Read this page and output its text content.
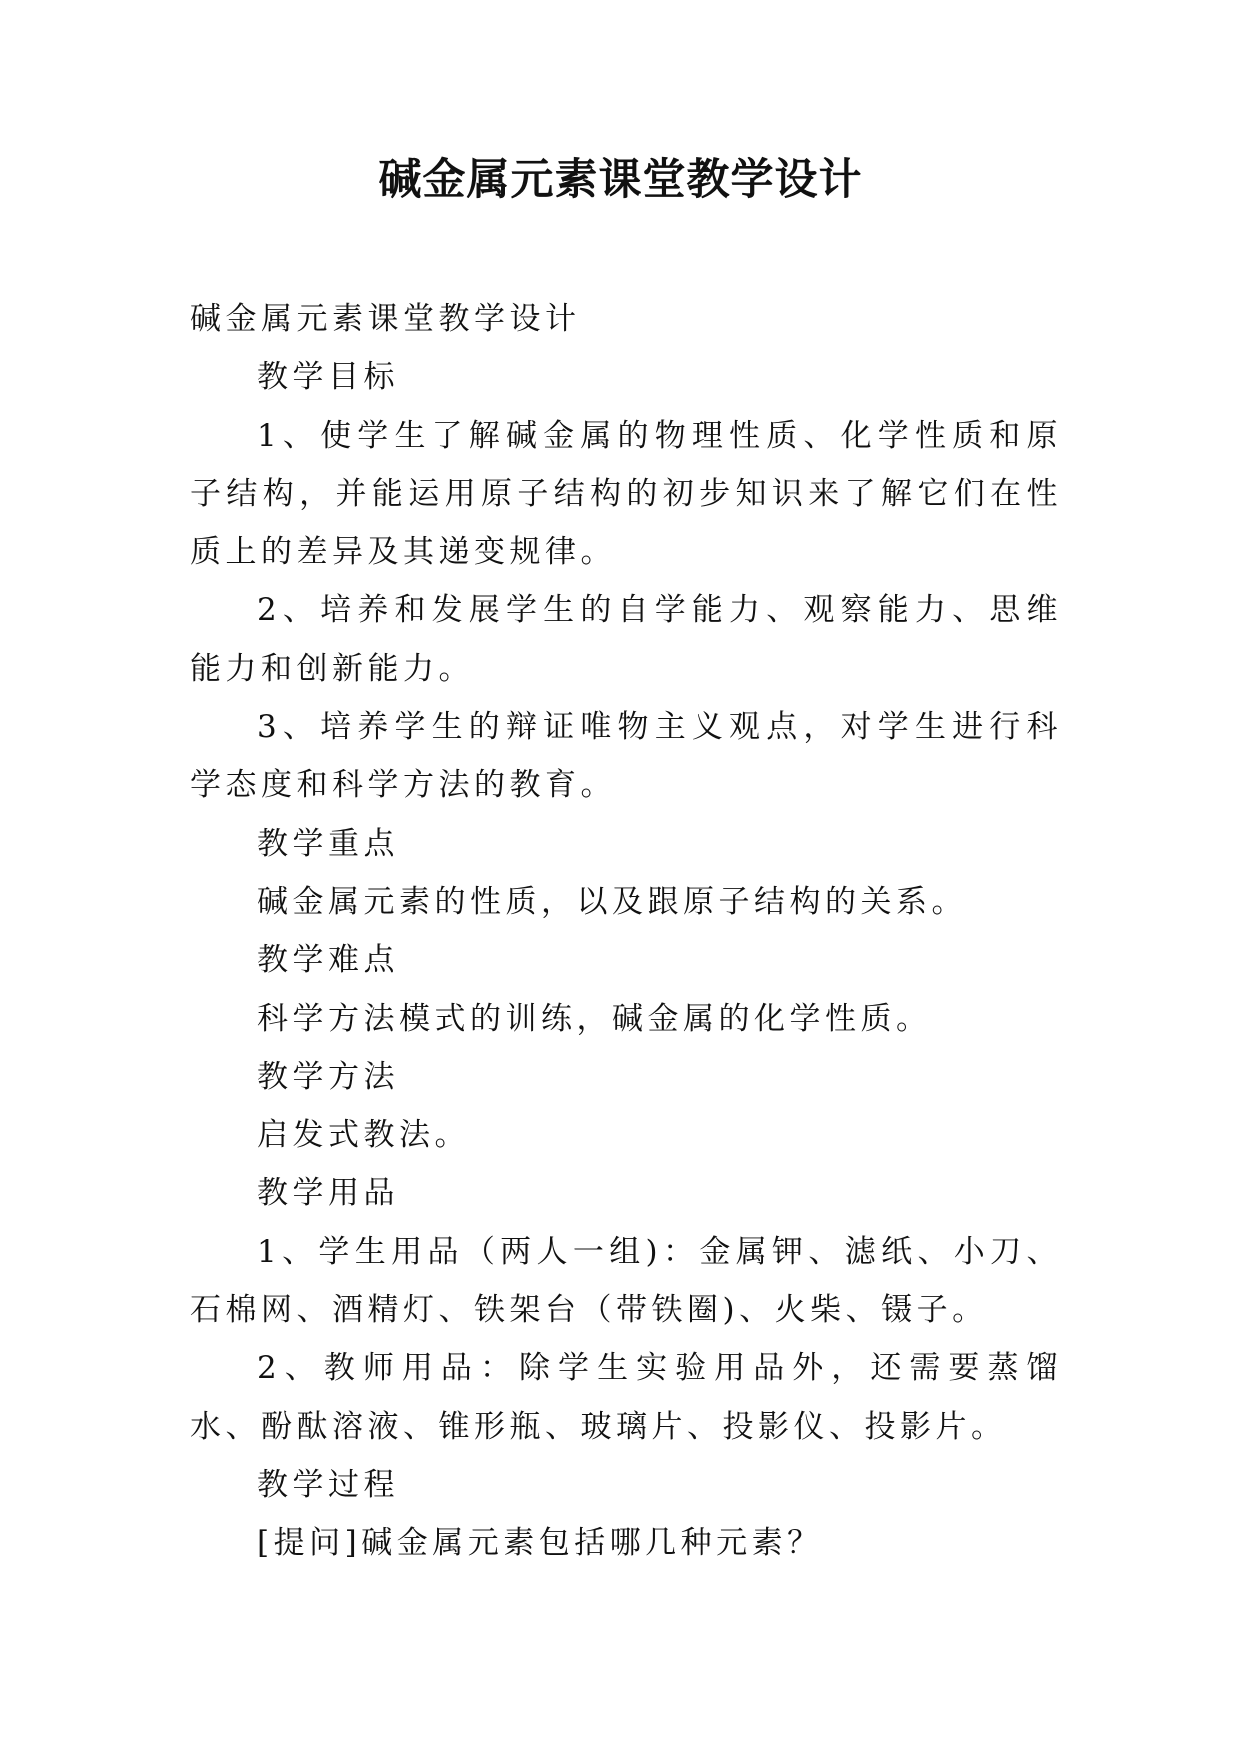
碱金属元素课堂教学设计

碱金属元素课堂教学设计

教学目标

1、使学生了解碱金属的物理性质、化学性质和原子结构，并能运用原子结构的初步知识来了解它们在性质上的差异及其递变规律。

2、培养和发展学生的自学能力、观察能力、思维能力和创新能力。

3、培养学生的辩证唯物主义观点，对学生进行科学态度和科学方法的教育。

教学重点

碱金属元素的性质，以及跟原子结构的关系。

教学难点

科学方法模式的训练，碱金属的化学性质。

教学方法

启发式教法。

教学用品

1、学生用品（两人一组)：金属钾、滤纸、小刀、石棉网、酒精灯、铁架台（带铁圈)、火柴、镊子。

2、教师用品：除学生实验用品外，还需要蒸馏水、酚酞溶液、锥形瓶、玻璃片、投影仪、投影片。

教学过程

[提问]碱金属元素包括哪几种元素？
